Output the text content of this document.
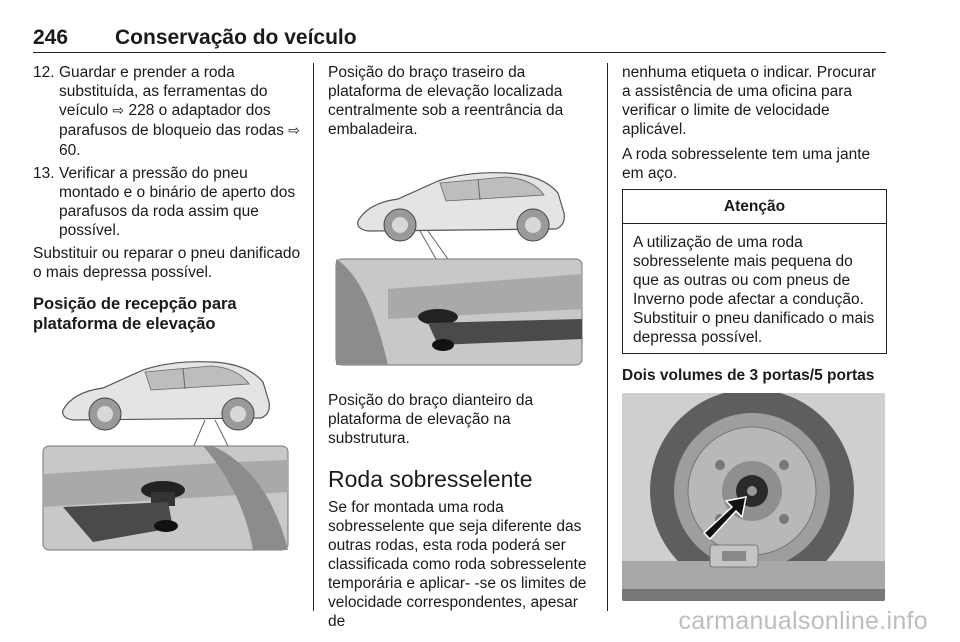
246 Conservação do veículo
12. Guardar e prender a roda substituída, as ferramentas do veículo ⇨ 228 o adaptador dos parafusos de bloqueio das rodas ⇨ 60.
13. Verificar a pressão do pneu montado e o binário de aperto dos parafusos da roda assim que possível.

Substituir ou reparar o pneu danificado o mais depressa possível.

Posição de recepção para plataforma de elevação

Posição do braço traseiro da plataforma de elevação localizada centralmente sob a reentrância da embaladeira.

Posição do braço dianteiro da plataforma de elevação na substrutura.

Roda sobresselente

Se for montada uma roda sobresselente que seja diferente das outras rodas, esta roda poderá ser classificada como roda sobresselente temporária e aplicar- -se os limites de velocidade correspondentes, apesar de

nenhuma etiqueta o indicar. Procurar a assistência de uma oficina para verificar o limite de velocidade aplicável.

A roda sobresselente tem uma jante em aço.

Atenção
A utilização de uma roda sobresselente mais pequena do que as outras ou com pneus de Inverno pode afectar a condução. Substituir o pneu danificado o mais depressa possível.
Dois volumes de 3 portas/5 portas
carmanualsonline.info
